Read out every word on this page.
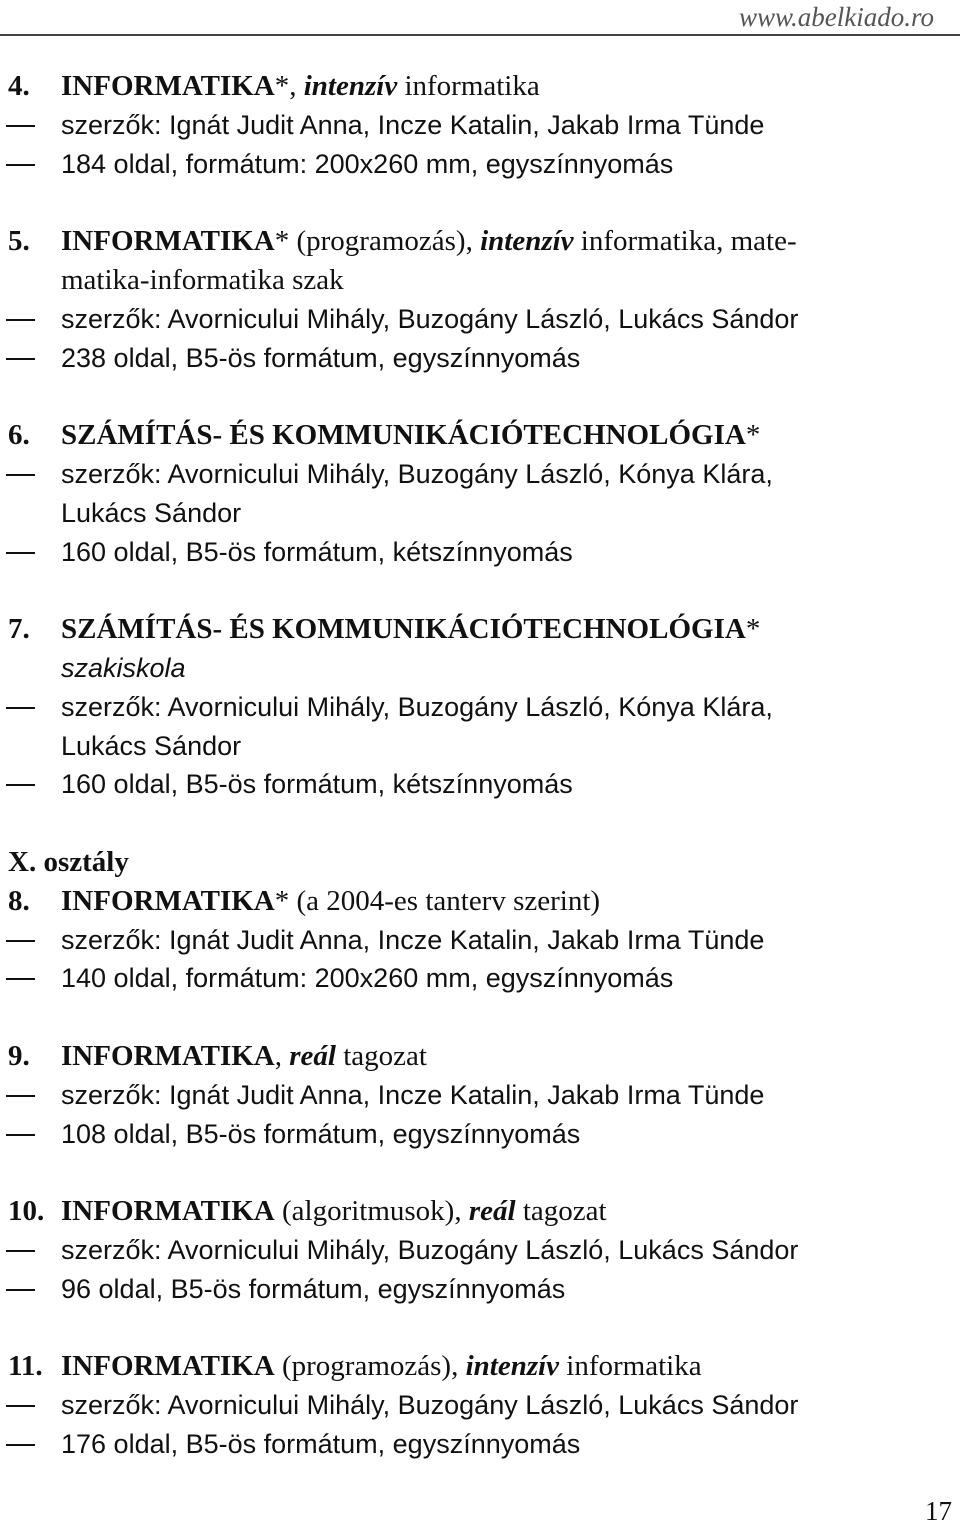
www.abelkiado.ro
4. INFORMATIKA*, intenzív informatika
szerzők: Ignát Judit Anna, Incze Katalin, Jakab Irma Tünde
184 oldal, formátum: 200x260 mm, egyszínnyomás
5. INFORMATIKA* (programozás), intenzív informatika, mate-
matika-informatika szak
szerzők: Avornicului Mihály, Buzogány László, Lukács Sándor
238 oldal, B5-ös formátum, egyszínnyomás
6. SZÁMÍTÁS- ÉS KOMMUNIKÁCIÓTECHNOLÓGIA*
szerzők: Avornicului Mihály, Buzogány László, Kónya Klára,
Lukács Sándor
160 oldal, B5-ös formátum, kétszínnyomás
7. SZÁMÍTÁS- ÉS KOMMUNIKÁCIÓTECHNOLÓGIA*
szakiskola
szerzők: Avornicului Mihály, Buzogány László, Kónya Klára,
Lukács Sándor
160 oldal, B5-ös formátum, kétszínnyomás
X. osztály
8. INFORMATIKA* (a 2004-es tanterv szerint)
szerzők: Ignát Judit Anna, Incze Katalin, Jakab Irma Tünde
140 oldal, formátum: 200x260 mm, egyszínnyomás
9. INFORMATIKA, reál tagozat
szerzők: Ignát Judit Anna, Incze Katalin, Jakab Irma Tünde
108 oldal, B5-ös formátum, egyszínnyomás
10. INFORMATIKA (algoritmusok), reál tagozat
szerzők: Avornicului Mihály, Buzogány László, Lukács Sándor
96 oldal, B5-ös formátum, egyszínnyomás
11. INFORMATIKA (programozás), intenzív informatika
szerzők: Avornicului Mihály, Buzogány László, Lukács Sándor
176 oldal, B5-ös formátum, egyszínnyomás
17
